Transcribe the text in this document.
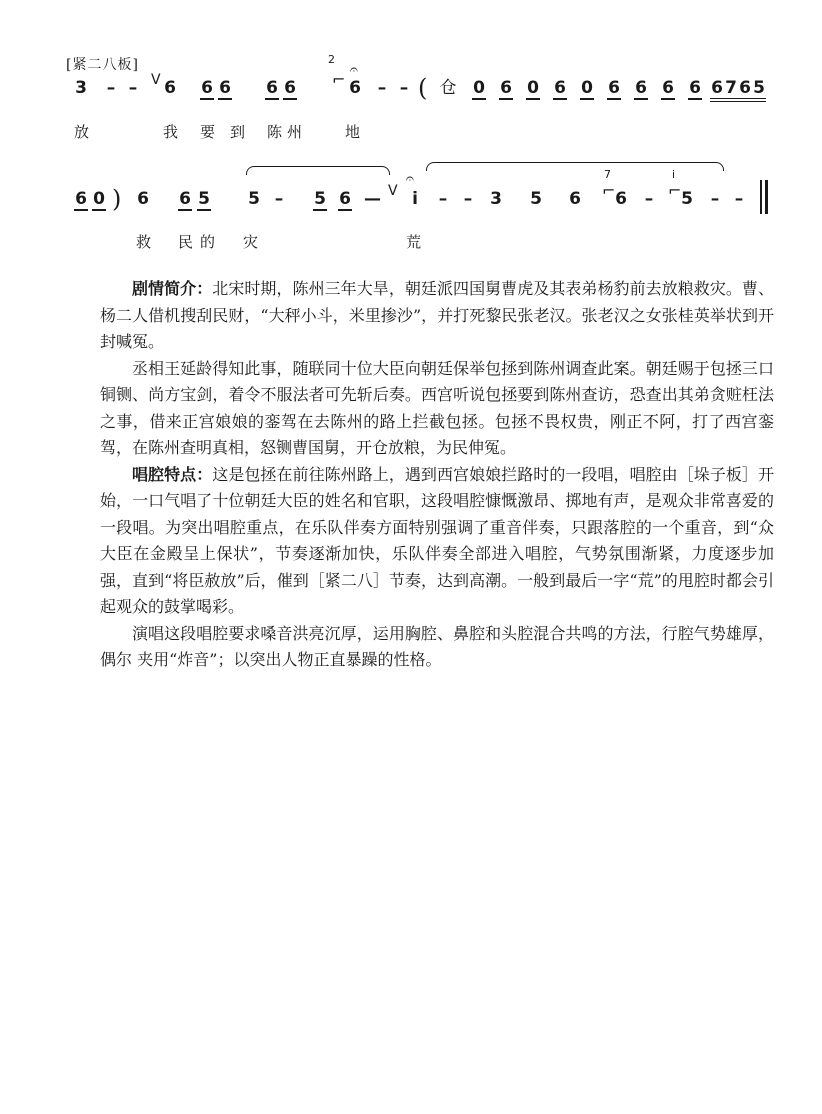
[紧二八板]
3 – – V 6 6 6 6 6
2
⌐ 𝄐
6 – – ( 仓 0 6 0 6 0 6 6 6 6 6 7 6 5
放	我 要 到 陈 州	地
6 0 ) 6 6 5 5 – 5 6 — V
𝄐
i – – 3 5 6
7
⌐ 6 –
i
⌐ 5 – –
救 民 的 灾	荒

剧情简介：北宋时期，陈州三年大旱，朝廷派四国舅曹虎及其表弟杨豹前去放粮救灾。曹、杨二人借机搜刮民财，“大秤小斗，米里掺沙”，并打死黎民张老汉。张老汉之女张桂英举状到开封喊冤。

丞相王延龄得知此事，随联同十位大臣向朝廷保举包拯到陈州调查此案。朝廷赐于包拯三口铜铡、尚方宝剑，着令不服法者可先斩后奏。西宫听说包拯要到陈州查访，恐查出其弟贪赃枉法之事，借来正宫娘娘的銮驾在去陈州的路上拦截包拯。包拯不畏权贵，刚正不阿，打了西宫銮驾，在陈州查明真相，怒铡曹国舅，开仓放粮，为民伸冤。

唱腔特点：这是包拯在前往陈州路上，遇到西宫娘娘拦路时的一段唱，唱腔由［垛子板］开始，一口气唱了十位朝廷大臣的姓名和官职，这段唱腔慷慨激昂、掷地有声，是观众非常喜爱的一段唱。为突出唱腔重点，在乐队伴奏方面特别强调了重音伴奏，只跟落腔的一个重音，到“众大臣在金殿呈上保状”，节奏逐渐加快，乐队伴奏全部进入唱腔，气势氛围渐紧，力度逐步加强，直到“将臣赦放”后，催到［紧二八］节奏，达到高潮。一般到最后一字“荒”的甩腔时都会引起观众的鼓掌喝彩。

演唱这段唱腔要求嗓音洪亮沉厚，运用胸腔、鼻腔和头腔混合共鸣的方法，行腔气势雄厚，偶尔 夹用“炸音”；以突出人物正直暴躁的性格。
